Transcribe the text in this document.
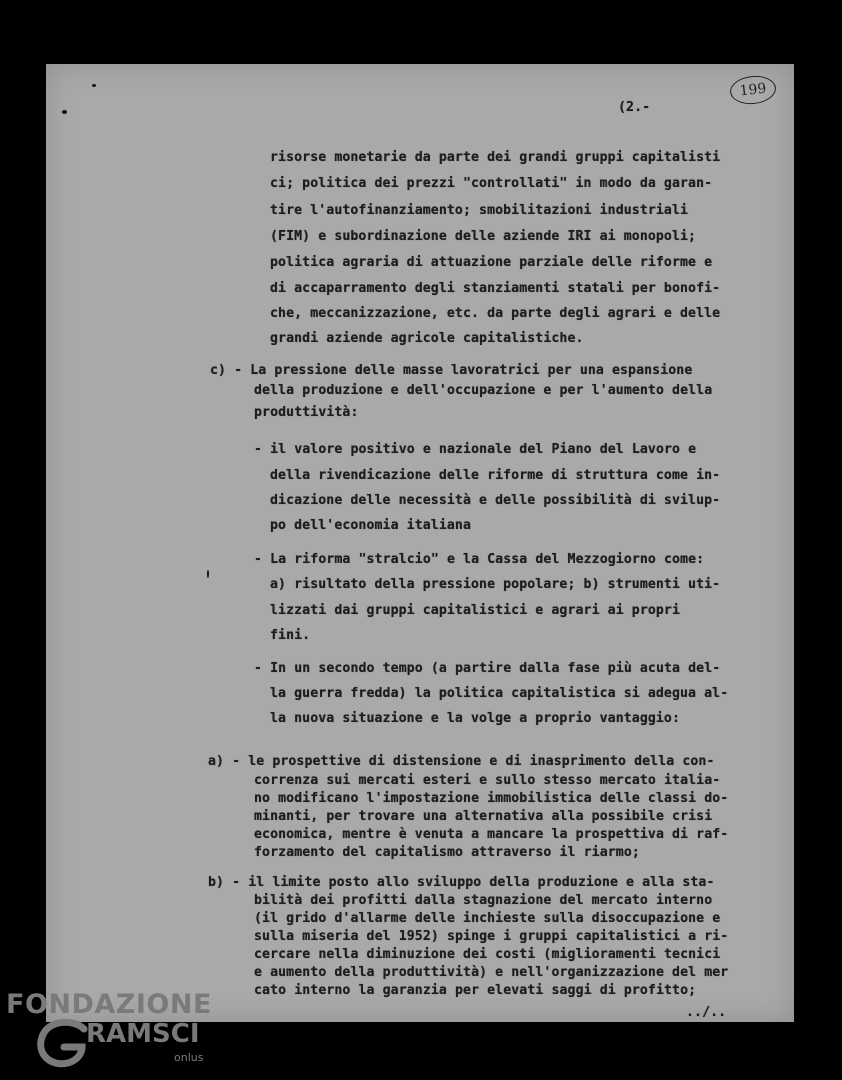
199
(2.-
risorse monetarie da parte dei grandi gruppi capitalisti
ci; politica dei prezzi "controllati" in modo da garan-
tire l'autofinanziamento; smobilitazioni industriali
(FIM) e subordinazione delle aziende IRI ai monopoli;
politica agraria di attuazione parziale delle riforme e
di accaparramento degli stanziamenti statali per bonofi-
che, meccanizzazione, etc. da parte degli agrari e delle
grandi aziende agricole capitalistiche.
c) - La pressione delle masse lavoratrici per una espansione
della produzione e dell'occupazione e per l'aumento della
produttività:
- il valore positivo e nazionale del Piano del Lavoro e
della rivendicazione delle riforme di struttura come in-
dicazione delle necessità e delle possibilità di svilup-
po dell'economia italiana
- La riforma "stralcio" e la Cassa del Mezzogiorno come:
a) risultato della pressione popolare; b) strumenti uti-
lizzati dai gruppi capitalistici e agrari ai propri
fini.
- In un secondo tempo (a partire dalla fase più acuta del-
la guerra fredda) la politica capitalistica si adegua al-
la nuova situazione e la volge a proprio vantaggio:
a) - le prospettive di distensione e di inasprimento della con-
correnza sui mercati esteri e sullo stesso mercato italia-
no modificano l'impostazione immobilistica delle classi do-
minanti, per trovare una alternativa alla possibile crisi
economica, mentre è venuta a mancare la prospettiva di raf-
forzamento del capitalismo attraverso il riarmo;
b) - il limite posto allo sviluppo della produzione e alla sta-
bilità dei profitti dalla stagnazione del mercato interno
(il grido d'allarme delle inchieste sulla disoccupazione e
sulla miseria del 1952) spinge i gruppi capitalistici a ri-
cercare nella diminuzione dei costi (miglioramenti tecnici
e aumento della produttività) e nell'organizzazione del mer
cato interno la garanzia per elevati saggi di profitto;
../..
FONDAZIONE
RAMSCI
onlus
